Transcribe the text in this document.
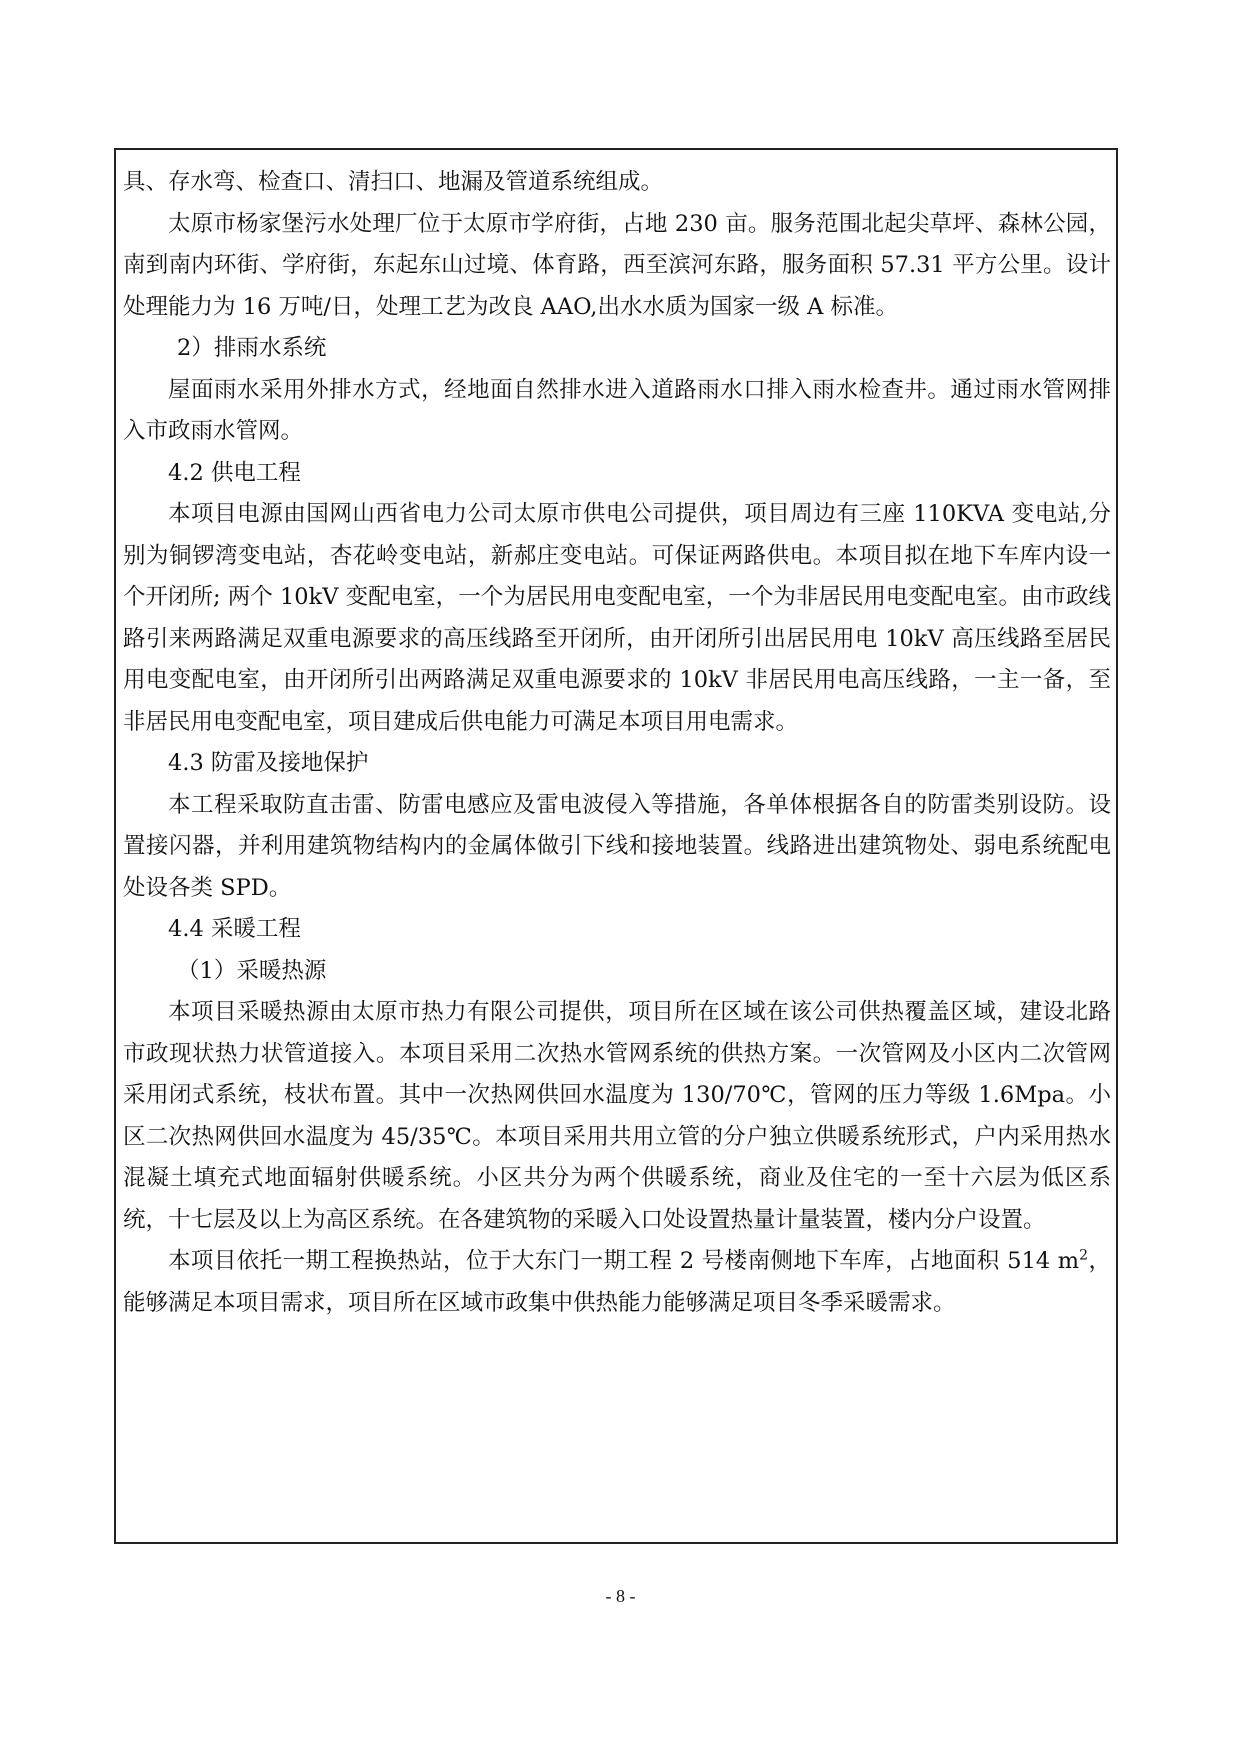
具、存水弯、检查口、清扫口、地漏及管道系统组成。

太原市杨家堡污水处理厂位于太原市学府街，占地 230 亩。服务范围北起尖草坪、森林公园，南到南内环街、学府街，东起东山过境、体育路，西至滨河东路，服务面积 57.31 平方公里。设计处理能力为 16 万吨/日，处理工艺为改良 AAO,出水水质为国家一级 A 标准。

2）排雨水系统

屋面雨水采用外排水方式，经地面自然排水进入道路雨水口排入雨水检查井。通过雨水管网排入市政雨水管网。

4.2 供电工程

本项目电源由国网山西省电力公司太原市供电公司提供，项目周边有三座 110KVA 变电站,分别为铜锣湾变电站，杏花岭变电站，新郝庄变电站。可保证两路供电。本项目拟在地下车库内设一个开闭所; 两个 10kV 变配电室，一个为居民用电变配电室，一个为非居民用电变配电室。由市政线路引来两路满足双重电源要求的高压线路至开闭所，由开闭所引出居民用电 10kV 高压线路至居民用电变配电室，由开闭所引出两路满足双重电源要求的 10kV 非居民用电高压线路，一主一备，至非居民用电变配电室，项目建成后供电能力可满足本项目用电需求。

4.3 防雷及接地保护

本工程采取防直击雷、防雷电感应及雷电波侵入等措施，各单体根据各自的防雷类别设防。设置接闪器，并利用建筑物结构内的金属体做引下线和接地装置。线路进出建筑物处、弱电系统配电处设各类 SPD。

4.4 采暖工程

（1）采暖热源

本项目采暖热源由太原市热力有限公司提供，项目所在区域在该公司供热覆盖区域，建设北路市政现状热力状管道接入。本项目采用二次热水管网系统的供热方案。一次管网及小区内二次管网采用闭式系统，枝状布置。其中一次热网供回水温度为 130/70℃，管网的压力等级 1.6Mpa。小区二次热网供回水温度为 45/35℃。本项目采用共用立管的分户独立供暖系统形式，户内采用热水混凝土填充式地面辐射供暖系统。小区共分为两个供暖系统，商业及住宅的一至十六层为低区系统，十七层及以上为高区系统。在各建筑物的采暖入口处设置热量计量装置，楼内分户设置。

本项目依托一期工程换热站，位于大东门一期工程 2 号楼南侧地下车库，占地面积 514 $m^2$，能够满足本项目需求，项目所在区域市政集中供热能力能够满足项目冬季采暖需求。

- 8 -
